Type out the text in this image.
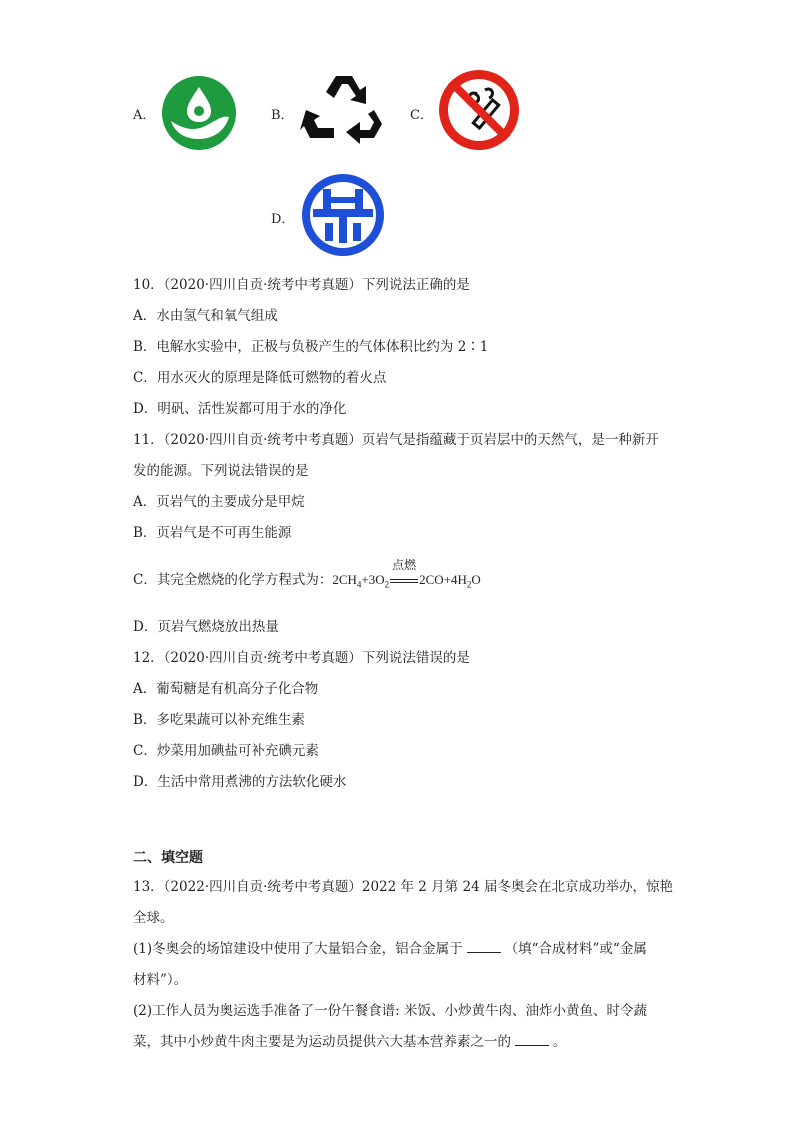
A．	B．	C．
D．
10．（2020·四川自贡·统考中考真题）下列说法正确的是
A．水由氢气和氧气组成
B．电解水实验中，正极与负极产生的气体体积比约为 2∶1
C．用水灭火的原理是降低可燃物的着火点
D．明矾、活性炭都可用于水的净化
11．（2020·四川自贡·统考中考真题）页岩气是指蕴藏于页岩层中的天然气，是一种新开
发的能源。下列说法错误的是
A．页岩气的主要成分是甲烷
B．页岩气是不可再生能源
C．其完全燃烧的化学方程式为：$2CH_4+3O_2$
点燃
$2CO+4H_2O$
D．页岩气燃烧放出热量
12．（2020·四川自贡·统考中考真题）下列说法错误的是
A．葡萄糖是有机高分子化合物
B．多吃果蔬可以补充维生素
C．炒菜用加碘盐可补充碘元素
D．生活中常用煮沸的方法软化硬水
二、填空题
13．（2022·四川自贡·统考中考真题）2022 年 2 月第 24 届冬奥会在北京成功举办，惊艳
全球。
(1)冬奥会的场馆建设中使用了大量铝合金，铝合金属于	（填“合成材料”或“金属
材料”）。
(2)工作人员为奥运选手准备了一份午餐食谱: 米饭、小炒黄牛肉、油炸小黄鱼、时令蔬
菜，其中小炒黄牛肉主要是为运动员提供六大基本营养素之一的	。
